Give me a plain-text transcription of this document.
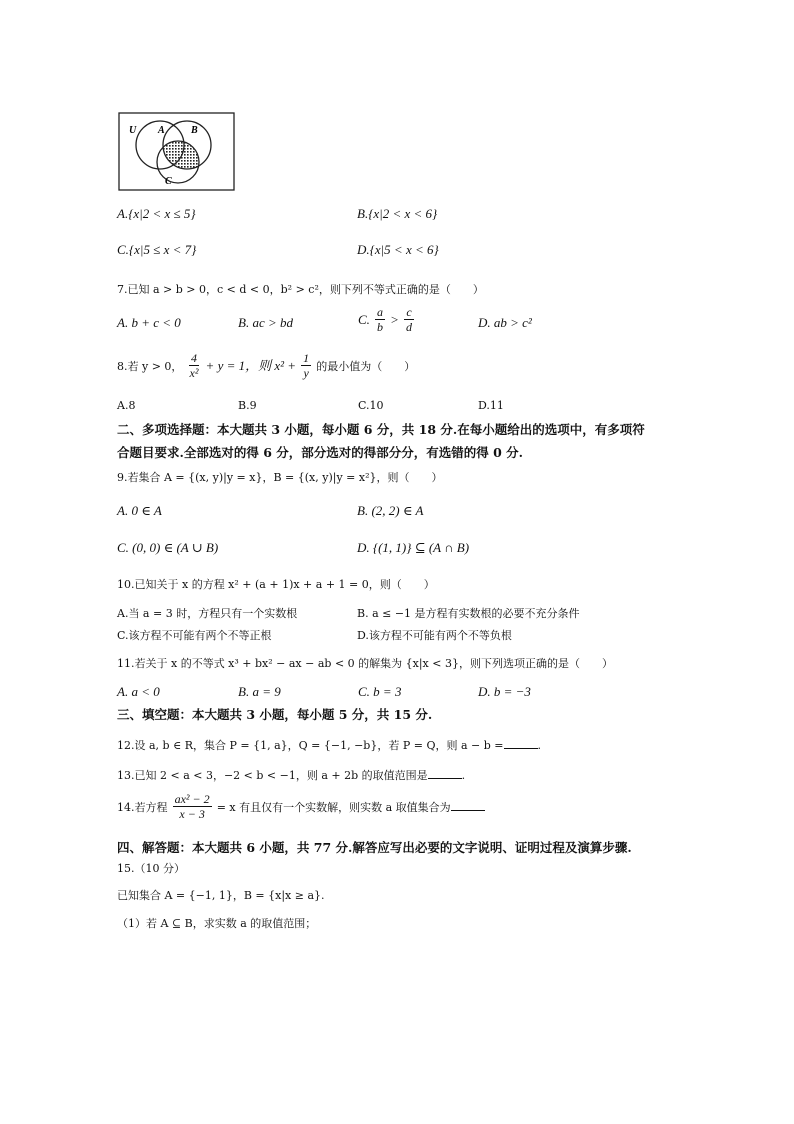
U A	B
C
A.{x|2 < x ≤ 5}	B.{x|2 < x < 6}
C.{x|5 ≤ x < 7}	D.{x|5 < x < 6}
7.已知 a > b > 0，c < d < 0，b² > c²，则下列不等式正确的是（　　）
A. b + c < 0	B. ac > bd	C. $\frac{a}{b} > \frac{c}{d}$	D. ab > c²
8.若 y > 0， $\frac{4}{\text{x²}} + y = 1$，则 $x^2 + \frac{1}{y}$ 的最小值为（　　）
A.8	B.9	C.10	D.11
二、多项选择题：本大题共 3 小题，每小题 6 分，共 18 分.在每小题给出的选项中，有多项符
合题目要求.全部选对的得 6 分，部分选对的得部分分，有选错的得 0 分.
9.若集合 A = {(x, y)|y = x}，B = {(x, y)|y = x²}，则（　　）
A. 0 ∈ A	B. (2, 2) ∈ A
C. (0, 0) ∈ (A ∪ B)	D. {(1, 1)} ⊆ (A ∩ B)
10.已知关于 x 的方程 x² + (a + 1)x + a + 1 = 0，则（　　）
A.当 a = 3 时，方程只有一个实数根	B. a ≤ −1 是方程有实数根的必要不充分条件
C.该方程不可能有两个不等正根	D.该方程不可能有两个不等负根
11.若关于 x 的不等式 x³ + bx² − ax − ab < 0 的解集为 {x|x < 3}，则下列选项正确的是（　　）
A. a < 0	B. a = 9	C. b = 3	D. b = −3
三、填空题：本大题共 3 小题，每小题 5 分，共 15 分.
12.设 a, b ∈ R，集合 P = {1, a}，Q = {−1, −b}，若 P = Q，则 a − b =	.
13.已知 2 < a < 3，−2 < b < −1，则 a + 2b 的取值范围是	.
14.若方程 $\frac{\text{ax² − 2}}{x - 3} = x$ 有且仅有一个实数解，则实数 a 取值集合为
四、解答题：本大题共 6 小题，共 77 分.解答应写出必要的文字说明、证明过程及演算步骤.
15.（10 分）
已知集合 A = {−1, 1}，B = {x|x ≥ a}.
（1）若 A ⊆ B，求实数 a 的取值范围；
